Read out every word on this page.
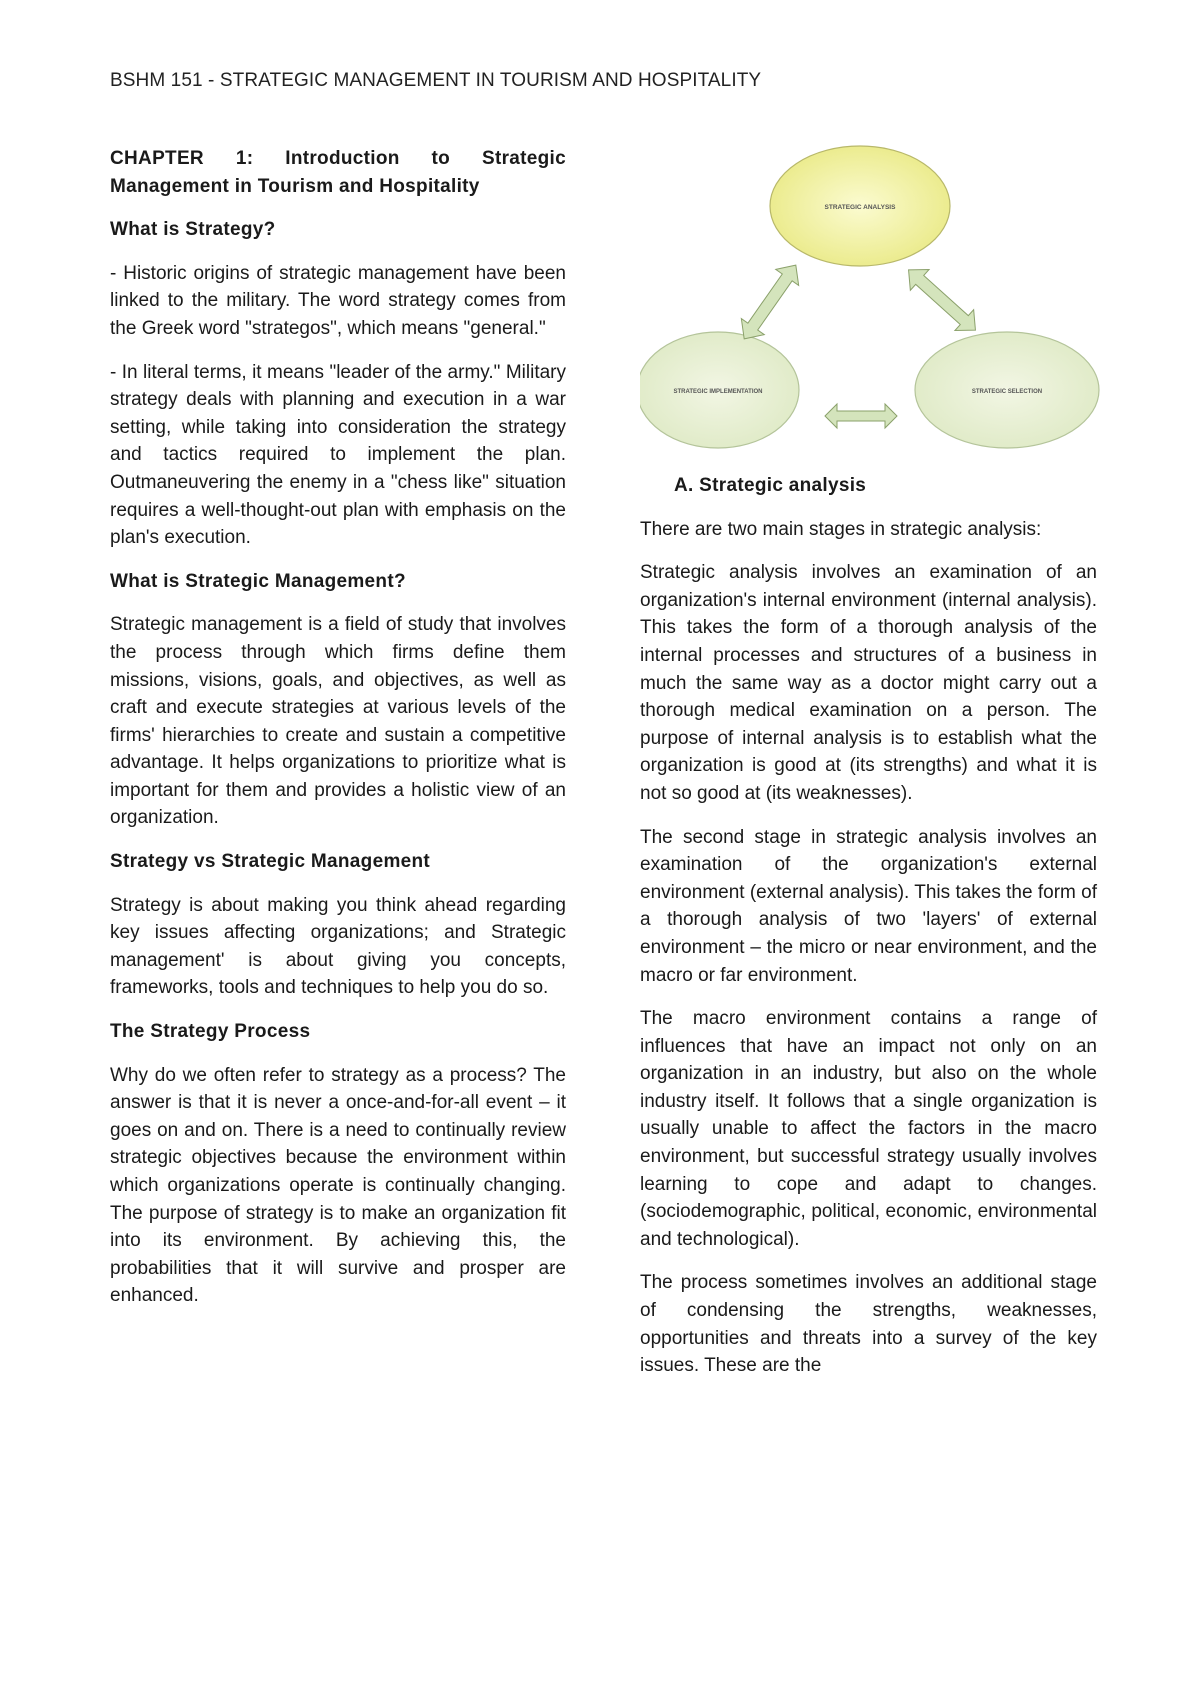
BSHM 151 - STRATEGIC MANAGEMENT IN TOURISM AND HOSPITALITY
CHAPTER 1: Introduction to Strategic Management in Tourism and Hospitality
What is Strategy?

- Historic origins of strategic management have been linked to the military. The word strategy comes from the Greek word "strategos", which means "general."

- In literal terms, it means "leader of the army." Military strategy deals with planning and execution in a war setting, while taking into consideration the strategy and tactics required to implement the plan. Outmaneuvering the enemy in a "chess like" situation requires a well-thought-out plan with emphasis on the plan's execution.

What is Strategic Management?

Strategic management is a field of study that involves the process through which firms define them missions, visions, goals, and objectives, as well as craft and execute strategies at various levels of the firms' hierarchies to create and sustain a competitive advantage. It helps organizations to prioritize what is important for them and provides a holistic view of an organization.

Strategy vs Strategic Management

Strategy is about making you think ahead regarding key issues affecting organizations; and Strategic management' is about giving you concepts, frameworks, tools and techniques to help you do so.

The Strategy Process

Why do we often refer to strategy as a process? The answer is that it is never a once-and-for-all event – it goes on and on. There is a need to continually review strategic objectives because the environment within which organizations operate is continually changing. The purpose of strategy is to make an organization fit into its environment. By achieving this, the probabilities that it will survive and prosper are enhanced.

STRATEGIC ANALYSIS
STRATEGIC IMPLEMENTATION	STRATEGIC SELECTION
A. Strategic analysis

There are two main stages in strategic analysis:

Strategic analysis involves an examination of an organization's internal environment (internal analysis). This takes the form of a thorough analysis of the internal processes and structures of a business in much the same way as a doctor might carry out a thorough medical examination on a person. The purpose of internal analysis is to establish what the organization is good at (its strengths) and what it is not so good at (its weaknesses).

The second stage in strategic analysis involves an examination of the organization's external environment (external analysis). This takes the form of a thorough analysis of two 'layers' of external environment – the micro or near environment, and the macro or far environment.

The macro environment contains a range of influences that have an impact not only on an organization in an industry, but also on the whole industry itself. It follows that a single organization is usually unable to affect the factors in the macro environment, but successful strategy usually involves learning to cope and adapt to changes. (sociodemographic, political, economic, environmental and technological).

The process sometimes involves an additional stage of condensing the strengths, weaknesses, opportunities and threats into a survey of the key issues. These are the
